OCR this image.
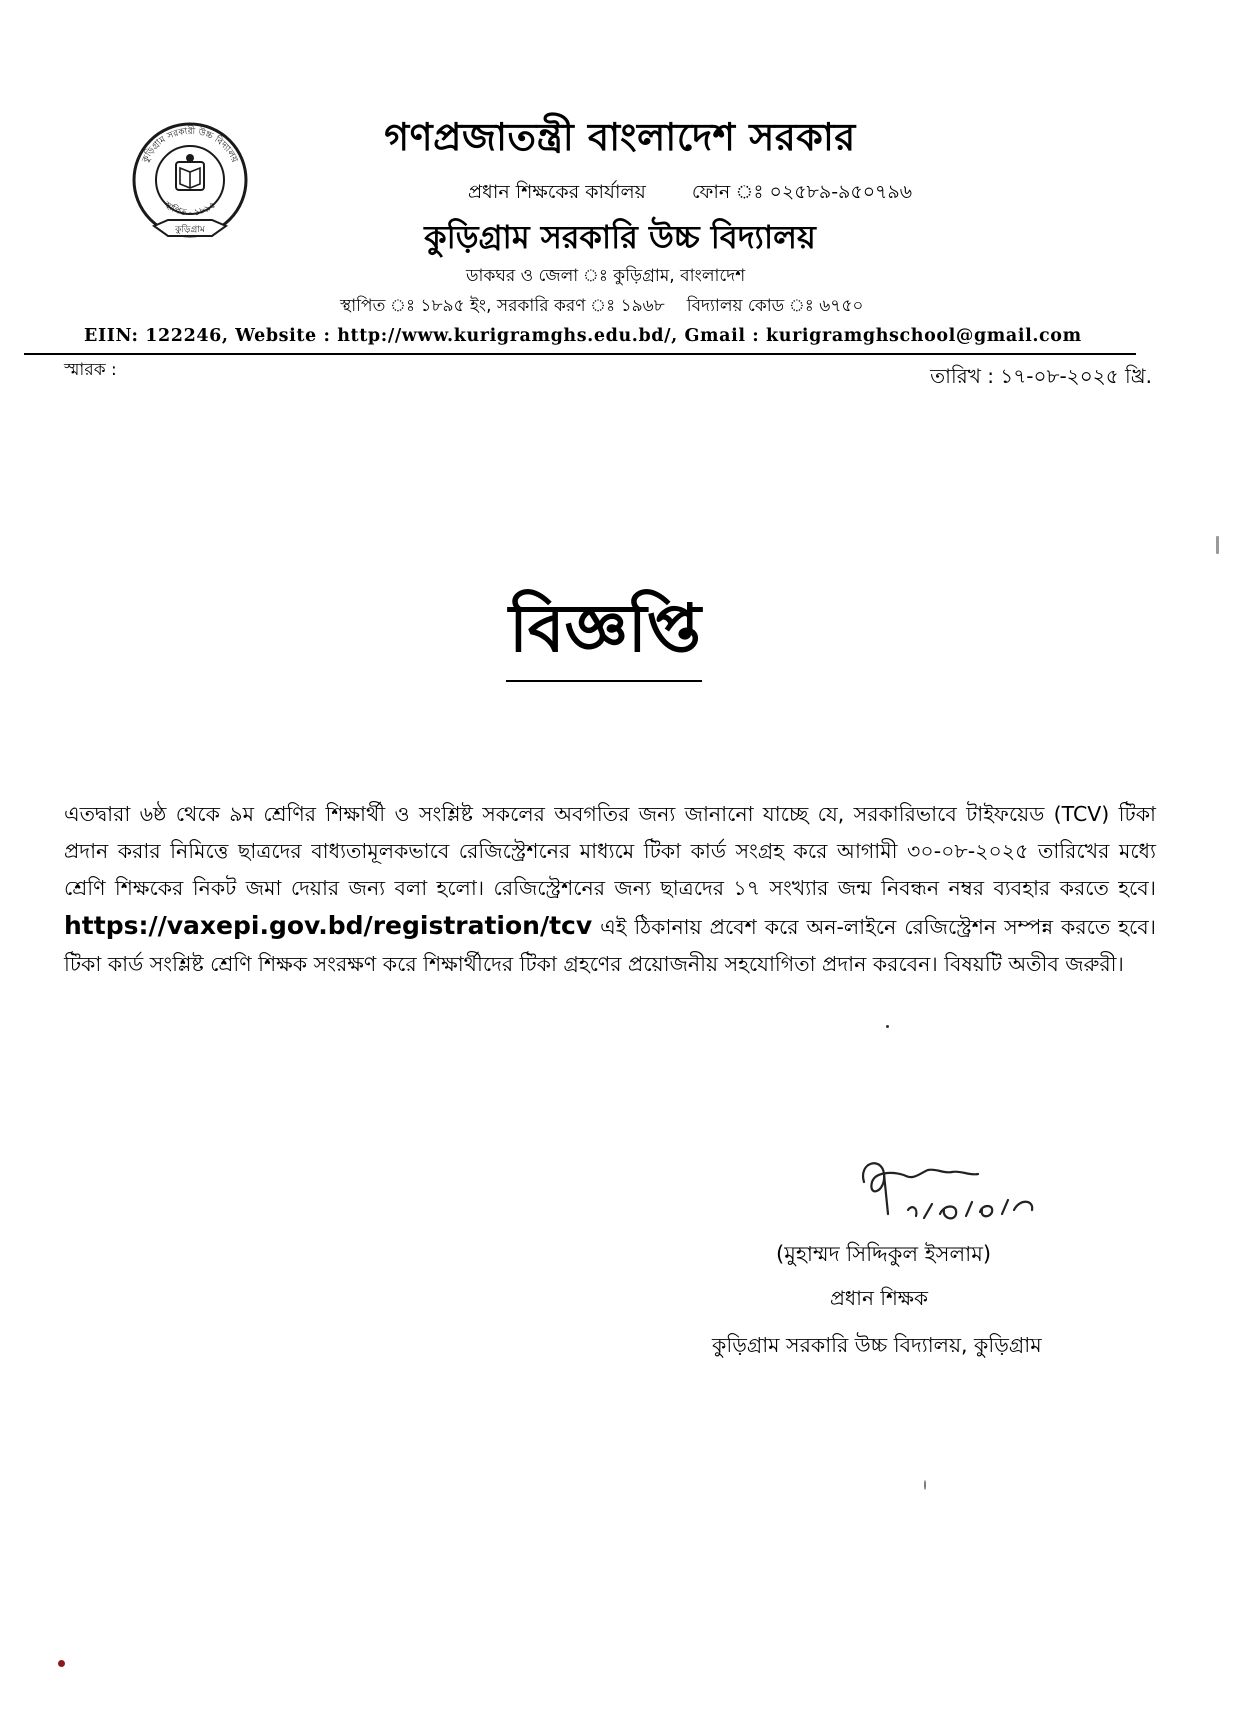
কুড়িগ্রাম সরকারী উচ্চ বিদ্যালয়
স্থাপিত - ১৮৯৫
কুড়িগ্রাম
গণপ্রজাতন্ত্রী বাংলাদেশ সরকার
প্রধান শিক্ষকের কার্যালয় ফোন ঃ ০২৫৮৯-৯৫০৭৯৬
কুড়িগ্রাম সরকারি উচ্চ বিদ্যালয়
ডাকঘর ও জেলা ঃ কুড়িগ্রাম, বাংলাদেশ
স্থাপিত ঃ ১৮৯৫ ইং, সরকারি করণ ঃ ১৯৬৮ বিদ্যালয় কোড ঃ ৬৭৫০
EIIN: 122246, Website : http://www.kurigramghs.edu.bd/, Gmail : kurigramghschool@gmail.com
স্মারক :	তারিখ : ১৭-০৮-২০২৫ খ্রি.
বিজ্ঞপ্তি
এতদ্বারা ৬ষ্ঠ থেকে ৯ম শ্রেণির শিক্ষার্থী ও সংশ্লিষ্ট সকলের অবগতির জন্য জানানো যাচ্ছে যে, সরকারিভাবে টাইফয়েড (TCV) টিকা প্রদান করার নিমিত্তে ছাত্রদের বাধ্যতামূলকভাবে রেজিস্ট্রেশনের মাধ্যমে টিকা কার্ড সংগ্রহ করে আগামী ৩০-০৮-২০২৫ তারিখের মধ্যে শ্রেণি শিক্ষকের নিকট জমা দেয়ার জন্য বলা হলো। রেজিস্ট্রেশনের জন্য ছাত্রদের ১৭ সংখ্যার জন্ম নিবন্ধন নম্বর ব্যবহার করতে হবে। https://vaxepi.gov.bd/registration/tcv এই ঠিকানায় প্রবেশ করে অন-লাইনে রেজিস্ট্রেশন সম্পন্ন করতে হবে। টিকা কার্ড সংশ্লিষ্ট শ্রেণি শিক্ষক সংরক্ষণ করে শিক্ষার্থীদের টিকা গ্রহণের প্রয়োজনীয় সহযোগিতা প্রদান করবেন। বিষয়টি অতীব জরুরী।
(মুহাম্মদ সিদ্দিকুল ইসলাম)
প্রধান শিক্ষক
কুড়িগ্রাম সরকারি উচ্চ বিদ্যালয়, কুড়িগ্রাম
